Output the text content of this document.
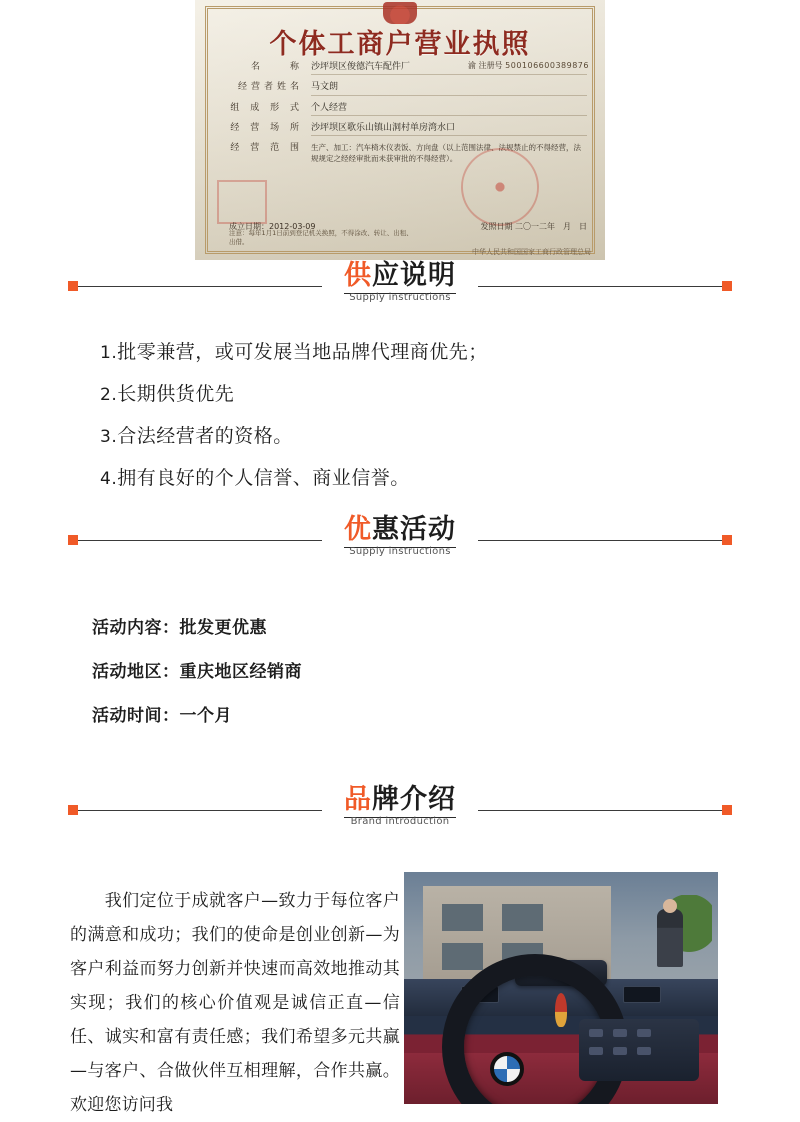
个体工商户营业执照
渝 注册号 500106600389876
名　　称 沙坪坝区俊德汽车配件厂
经营者姓名 马文朗
组 成 形 式 个人经营
经 营 场 所 沙坪坝区歌乐山镇山洞村单房湾水口
经 营 范 围	生产、加工：汽车椅木仪表饭、方向盘（以上范围法律、法规禁止的不得经营，法规规定之经经审批而未获审批的不得经营）。
成立日期：2012-03-09	发照日期 二〇一二年　月　日
注意：每年1月1日前到登记机关换照，不得涂改、转让、出租、出借。
中华人民共和国国家工商行政管理总局
供应说明
Supply instructions
1.批零兼营，或可发展当地品牌代理商优先；
2.长期供货优先
3.合法经营者的资格。
4.拥有良好的个人信誉、商业信誉。
优惠活动
Supply instructions
活动内容：批发更优惠
活动地区：重庆地区经销商
活动时间：一个月
品牌介绍
Brand introduction
　　我们定位于成就客户—致力于每位客户的满意和成功；我们的使命是创业创新—为客户利益而努力创新并快速而高效地推动其实现；我们的核心价值观是诚信正直—信任、诚实和富有责任感；我们希望多元共赢—与客户、合做伙伴互相理解，合作共赢。欢迎您访问我
